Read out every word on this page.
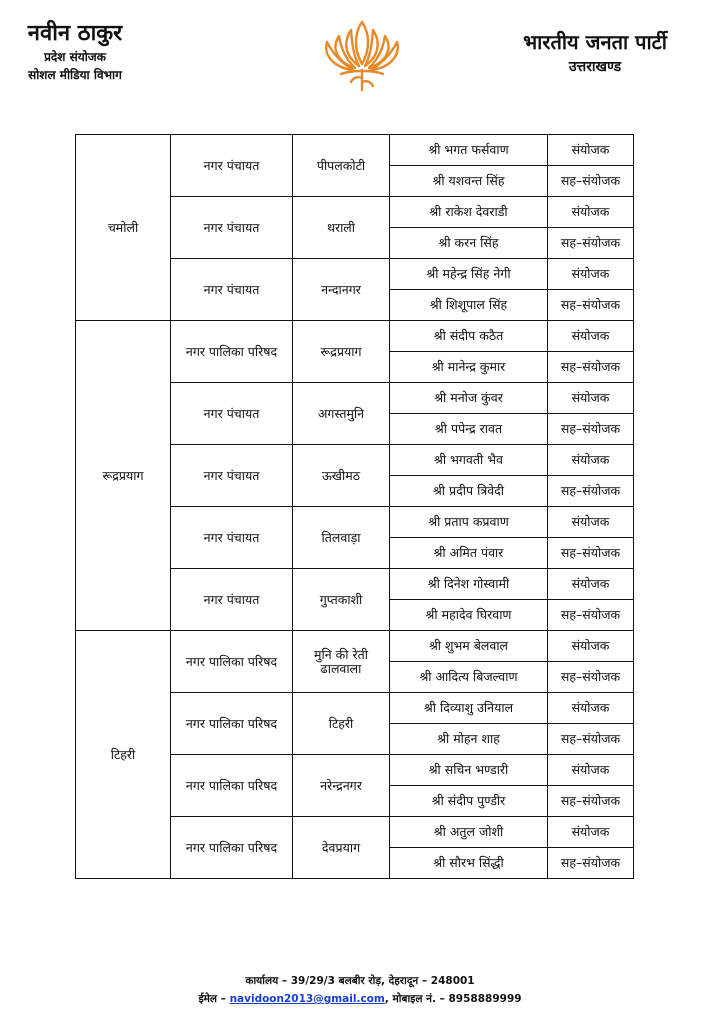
नवीन ठाकुर
प्रदेश संयोजक
सोशल मीडिया विभाग
भारतीय जनता पार्टी
उत्तराखण्ड
चमोली	नगर पंचायत	पीपलकोटी	श्री भगत फर्सवाण	संयोजक
			श्री यशवन्त सिंह	सह–संयोजक
	नगर पंचायत	थराली	श्री राकेश देवराडी	संयोजक
			श्री करन सिंह	सह–संयोजक
	नगर पंचायत	नन्दानगर	श्री महेन्द्र सिंह नेगी	संयोजक
			श्री शिशूपाल सिंह	सह–संयोजक
रूद्रप्रयाग	नगर पालिका परिषद	रूद्रप्रयाग	श्री संदीप कठैत	संयोजक
			श्री मानेन्द्र कुमार	सह–संयोजक
	नगर पंचायत	अगस्तमुनि	श्री मनोज कुंवर	संयोजक
			श्री पपेन्द्र रावत	सह–संयोजक
	नगर पंचायत	ऊखीमठ	श्री भगवती भैव	संयोजक
			श्री प्रदीप त्रिवेदी	सह–संयोजक
	नगर पंचायत	तिलवाड़ा	श्री प्रताप कप्रवाण	संयोजक
			श्री अमित पंवार	सह–संयोजक
	नगर पंचायत	गुप्तकाशी	श्री दिनेश गोस्वामी	संयोजक
			श्री महादेव घिरवाण	सह–संयोजक
टिहरी	नगर पालिका परिषद	मुनि की रेती ढालवाला	श्री शुभम बेलवाल	संयोजक
			श्री आदित्य बिजल्वाण	सह–संयोजक
	नगर पालिका परिषद	टिहरी	श्री दिव्याशु उनियाल	संयोजक
			श्री मोहन शाह	सह–संयोजक
	नगर पालिका परिषद	नरेन्द्रनगर	श्री सचिन भण्डारी	संयोजक
			श्री संदीप पुण्डीर	सह–संयोजक
	नगर पालिका परिषद	देवप्रयाग	श्री अतुल जोशी	संयोजक
			श्री सौरभ सिंद्धी	सह–संयोजक
कार्यालय – 39/29/3 बलबीर रोड़, देहरादून – 248001
ईमेल – navidoon2013@gmail.com, मोबाइल नं. – 8958889999
